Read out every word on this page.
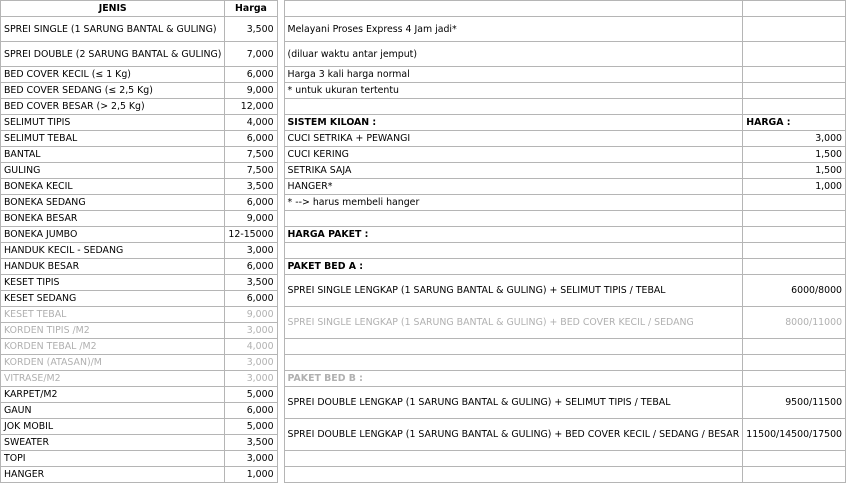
JENIS	Harga			
SPREI SINGLE (1 SARUNG BANTAL & GULING)	3,500		Melayani Proses Express 4 Jam jadi*	
SPREI DOUBLE (2 SARUNG BANTAL & GULING)	7,000		(diluar waktu antar jemput)	
BED COVER KECIL (≤ 1 Kg)	6,000		Harga 3 kali harga normal	
BED COVER SEDANG (≤ 2,5 Kg)	9,000		* untuk ukuran tertentu	
BED COVER BESAR (> 2,5 Kg)	12,000			
SELIMUT TIPIS	4,000		SISTEM KILOAN :	HARGA :
SELIMUT TEBAL	6,000		CUCI SETRIKA + PEWANGI	3,000
BANTAL	7,500		CUCI KERING	1,500
GULING	7,500		SETRIKA SAJA	1,500
BONEKA KECIL	3,500		HANGER*	1,000
BONEKA SEDANG	6,000		* --> harus membeli hanger	
BONEKA BESAR	9,000			
BONEKA JUMBO	12-15000		HARGA PAKET :	
HANDUK KECIL - SEDANG	3,000			
HANDUK BESAR	6,000		PAKET BED A :	
KESET TIPIS	3,500		SPREI SINGLE LENGKAP (1 SARUNG BANTAL & GULING) + SELIMUT TIPIS / TEBAL	6000/8000
KESET SEDANG	6,000			
KESET TEBAL	9,000		SPREI SINGLE LENGKAP (1 SARUNG BANTAL & GULING) + BED COVER KECIL / SEDANG	8000/11000
KORDEN TIPIS /M2	3,000			
KORDEN TEBAL /M2	4,000			
KORDEN (ATASAN)/M	3,000			
VITRASE/M2	3,000		PAKET BED B :	
KARPET/M2	5,000		SPREI DOUBLE LENGKAP (1 SARUNG BANTAL & GULING) + SELIMUT TIPIS / TEBAL	9500/11500
GAUN	6,000			
JOK MOBIL	5,000		SPREI DOUBLE LENGKAP (1 SARUNG BANTAL & GULING) + BED COVER KECIL / SEDANG / BESAR	11500/14500/17500
SWEATER	3,500			
TOPI	3,000			
HANGER	1,000			
